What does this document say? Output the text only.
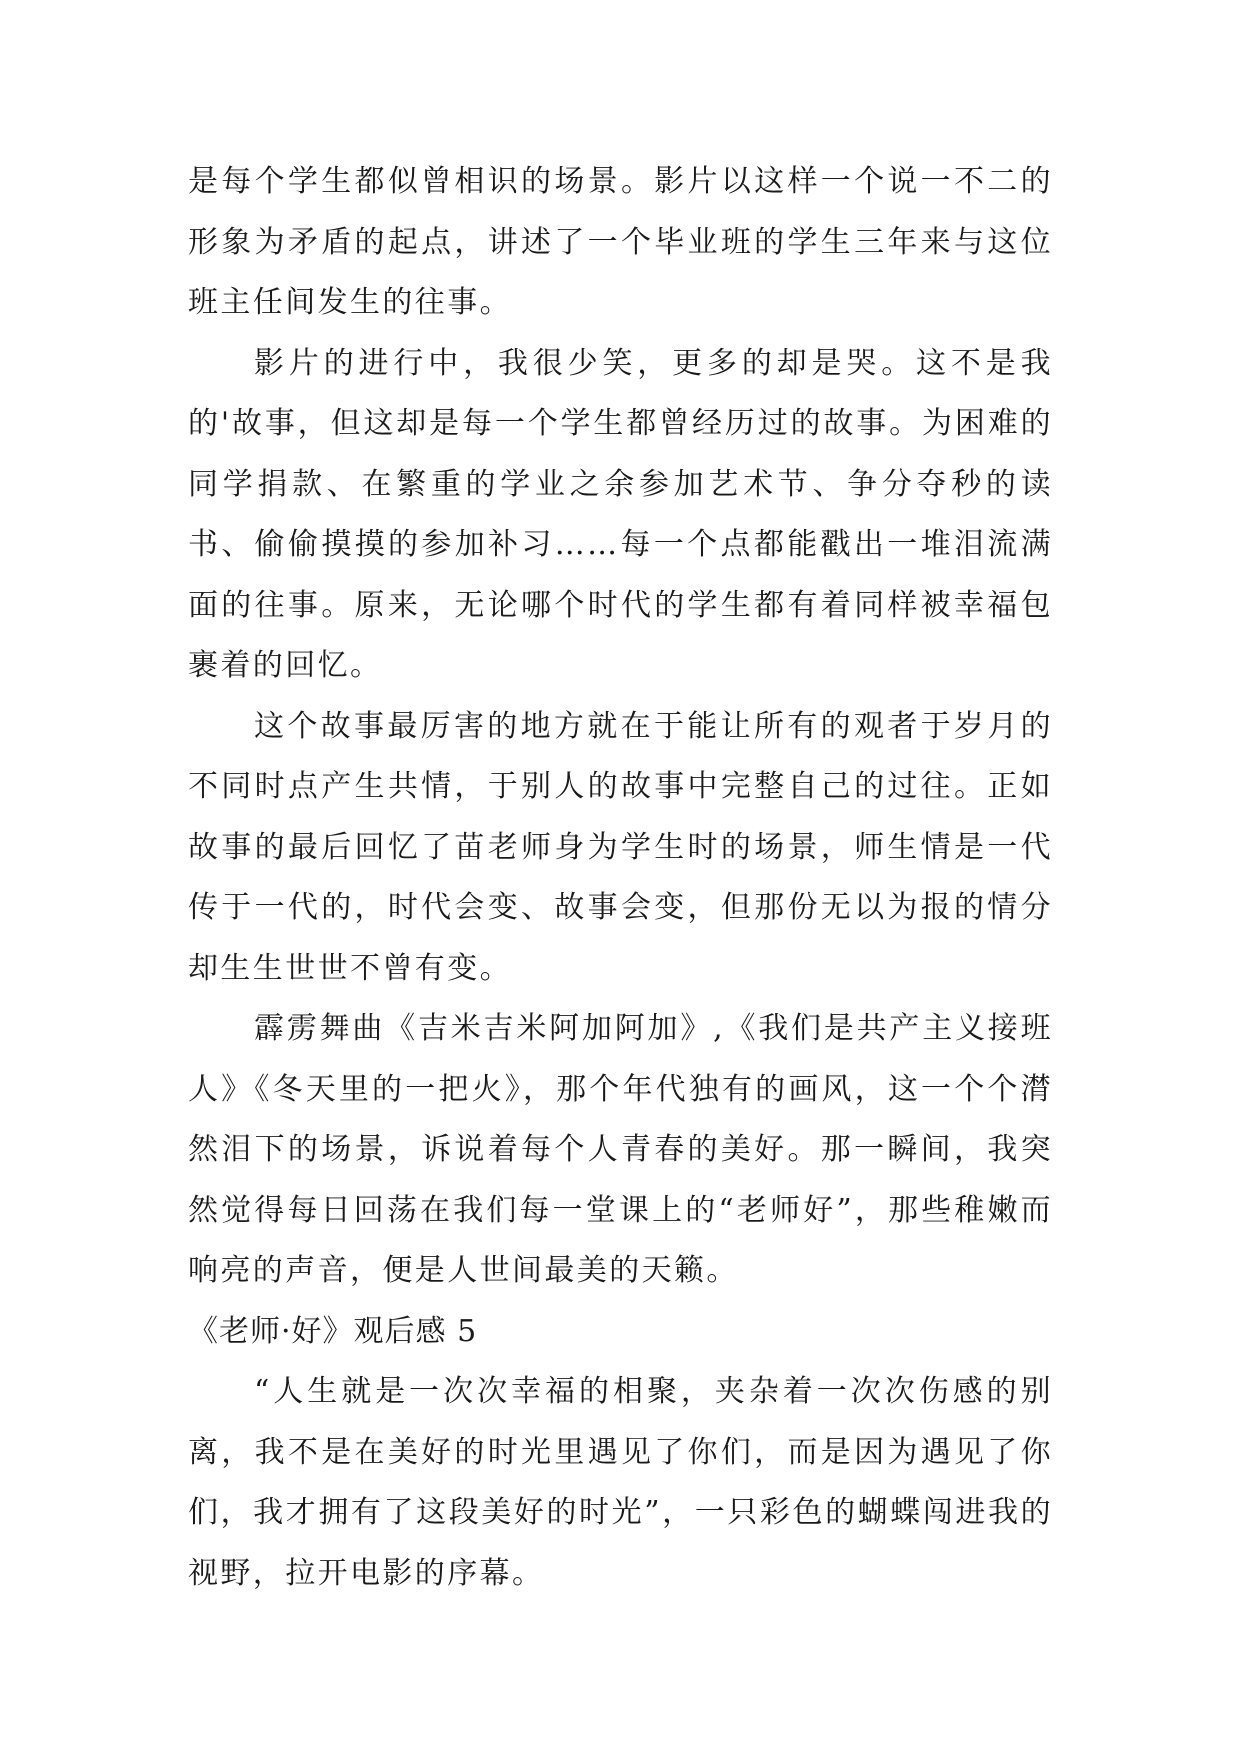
是每个学生都似曾相识的场景。影片以这样一个说一不二的形象为矛盾的起点，讲述了一个毕业班的学生三年来与这位班主任间发生的往事。

影片的进行中，我很少笑，更多的却是哭。这不是我的'故事，但这却是每一个学生都曾经历过的故事。为困难的同学捐款、在繁重的学业之余参加艺术节、争分夺秒的读书、偷偷摸摸的参加补习……每一个点都能戳出一堆泪流满面的往事。原来，无论哪个时代的学生都有着同样被幸福包裹着的回忆。

这个故事最厉害的地方就在于能让所有的观者于岁月的不同时点产生共情，于别人的故事中完整自己的过往。正如故事的最后回忆了苗老师身为学生时的场景，师生情是一代传于一代的，时代会变、故事会变，但那份无以为报的情分却生生世世不曾有变。

霹雳舞曲《吉米吉米阿加阿加》,《我们是共产主义接班人》《冬天里的一把火》，那个年代独有的画风，这一个个潸然泪下的场景，诉说着每个人青春的美好。那一瞬间，我突然觉得每日回荡在我们每一堂课上的“老师好”，那些稚嫩而响亮的声音，便是人世间最美的天籁。

《老师·好》观后感 5

“人生就是一次次幸福的相聚，夹杂着一次次伤感的别离，我不是在美好的时光里遇见了你们，而是因为遇见了你们，我才拥有了这段美好的时光”，一只彩色的蝴蝶闯进我的视野，拉开电影的序幕。
